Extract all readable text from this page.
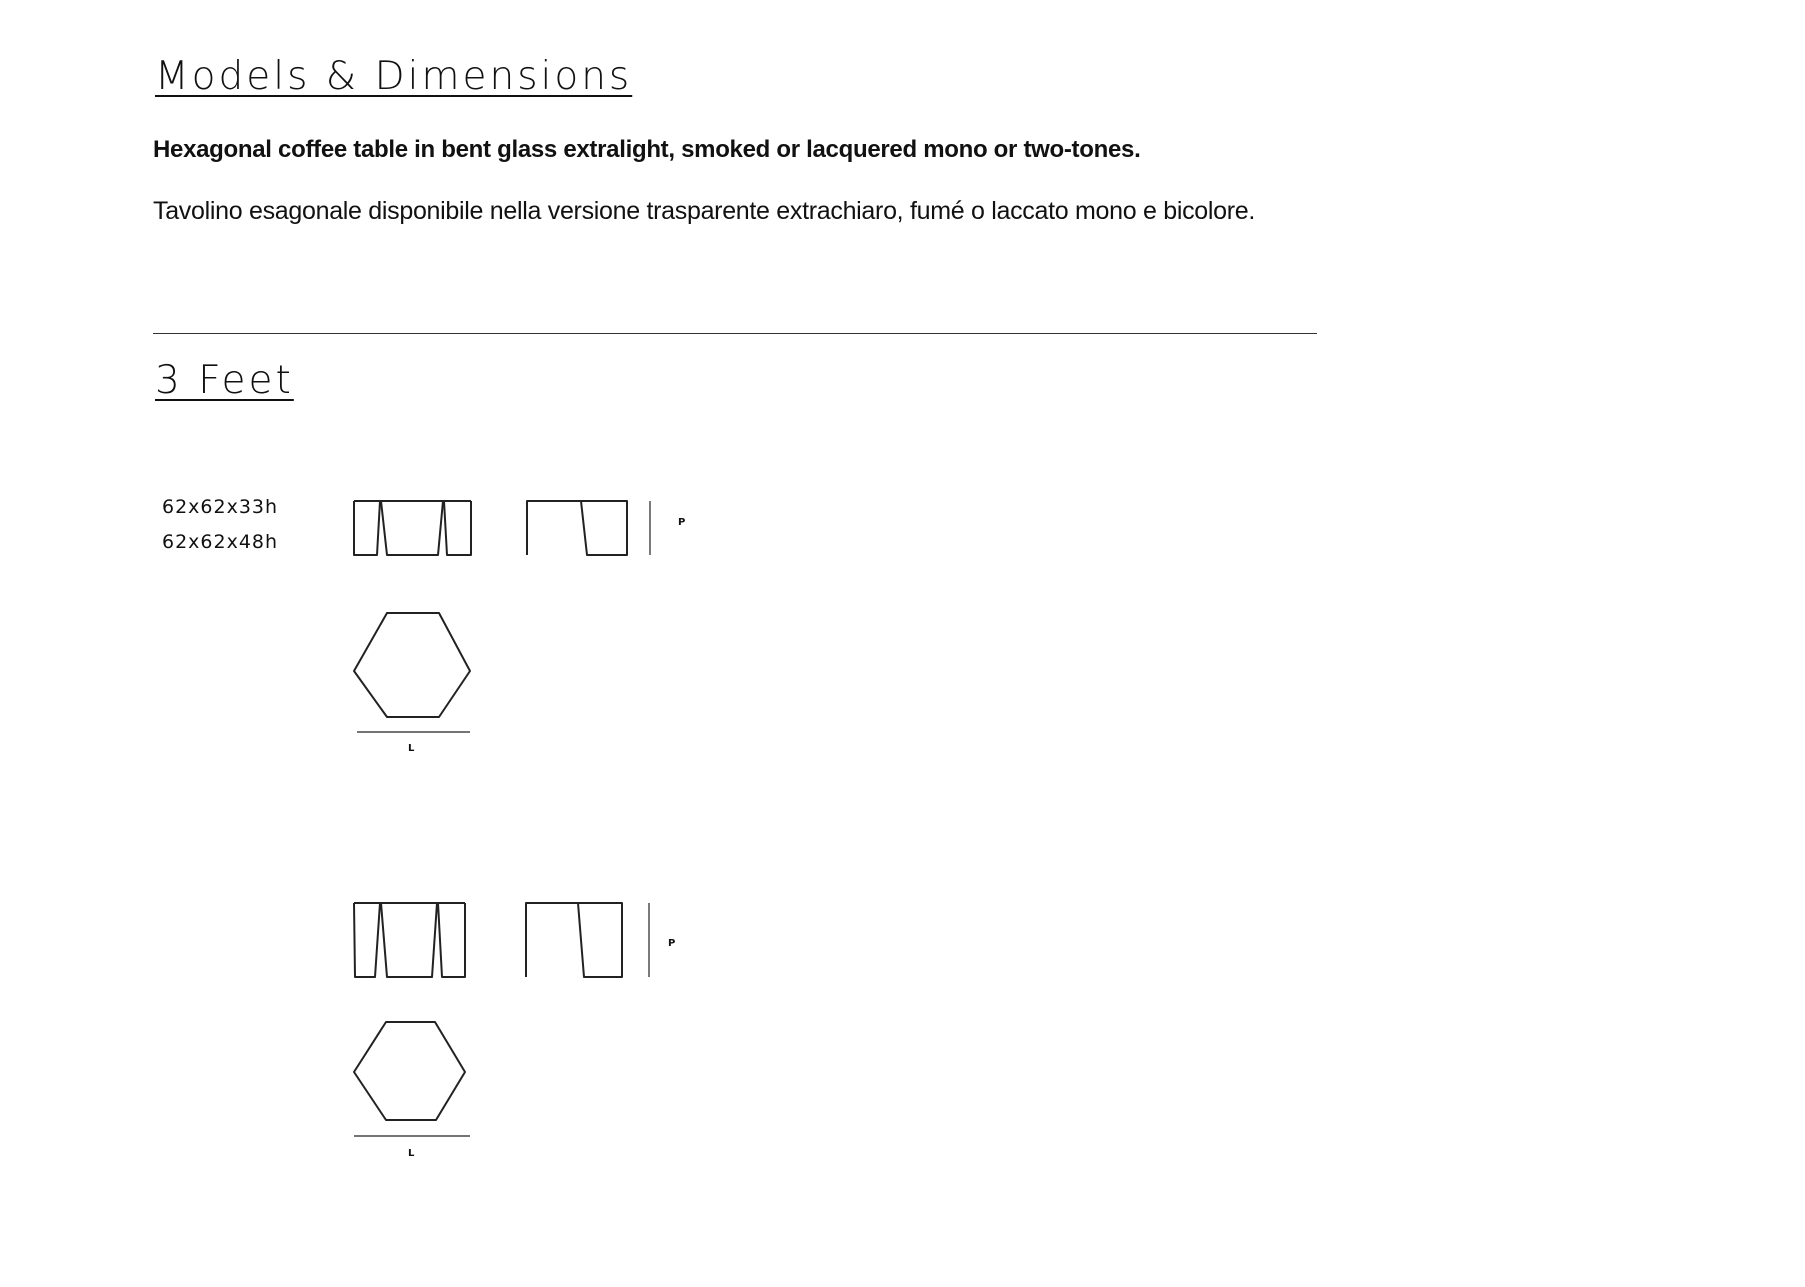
Models & Dimensions
Hexagonal coffee table in bent glass extralight, smoked or lacquered mono or two-tones.
Tavolino esagonale disponibile nella versione trasparente extrachiaro, fumé o laccato mono e bicolore.
3 Feet
62x62x33h
62x62x48h
P
L
P
L
